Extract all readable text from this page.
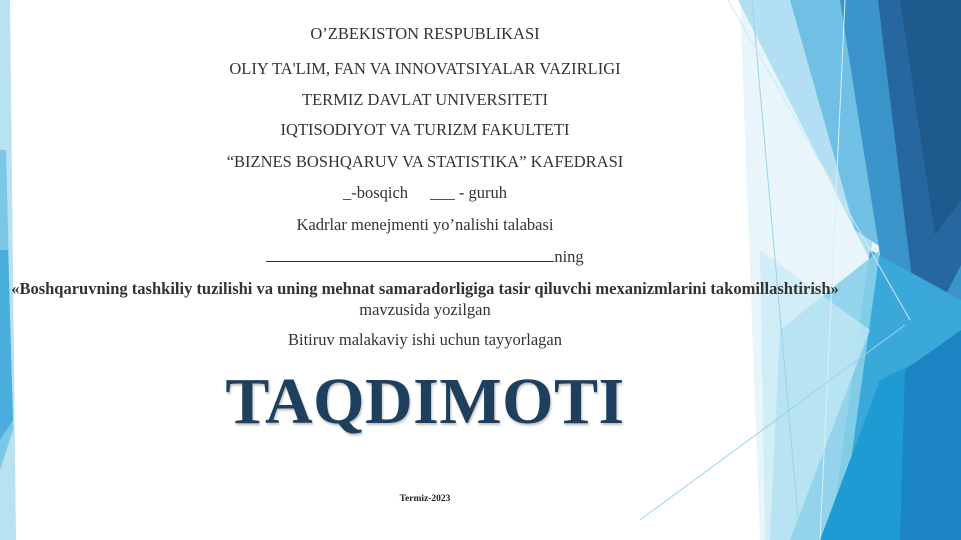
O’ZBEKISTON RESPUBLIKASI
OLIY TA'LIM, FAN VA INNOVATSIYALAR VAZIRLIGI
TERMIZ DAVLAT UNIVERSITETI
IQTISODIYOT VA TURIZM FAKULTETI
“BIZNES BOSHQARUV VA STATISTIKA” KAFEDRASI
_-bosqich ___ - guruh
Kadrlar menejmenti yo’nalishi talabasi
ning
«Boshqaruvning tashkiliy tuzilishi va uning mehnat samaradorligiga tasir qiluvchi mexanizmlarini takomillashtirish» mavzusida yozilgan
Bitiruv malakaviy ishi uchun tayyorlagan
TAQDIMOTI
Termiz-2023
